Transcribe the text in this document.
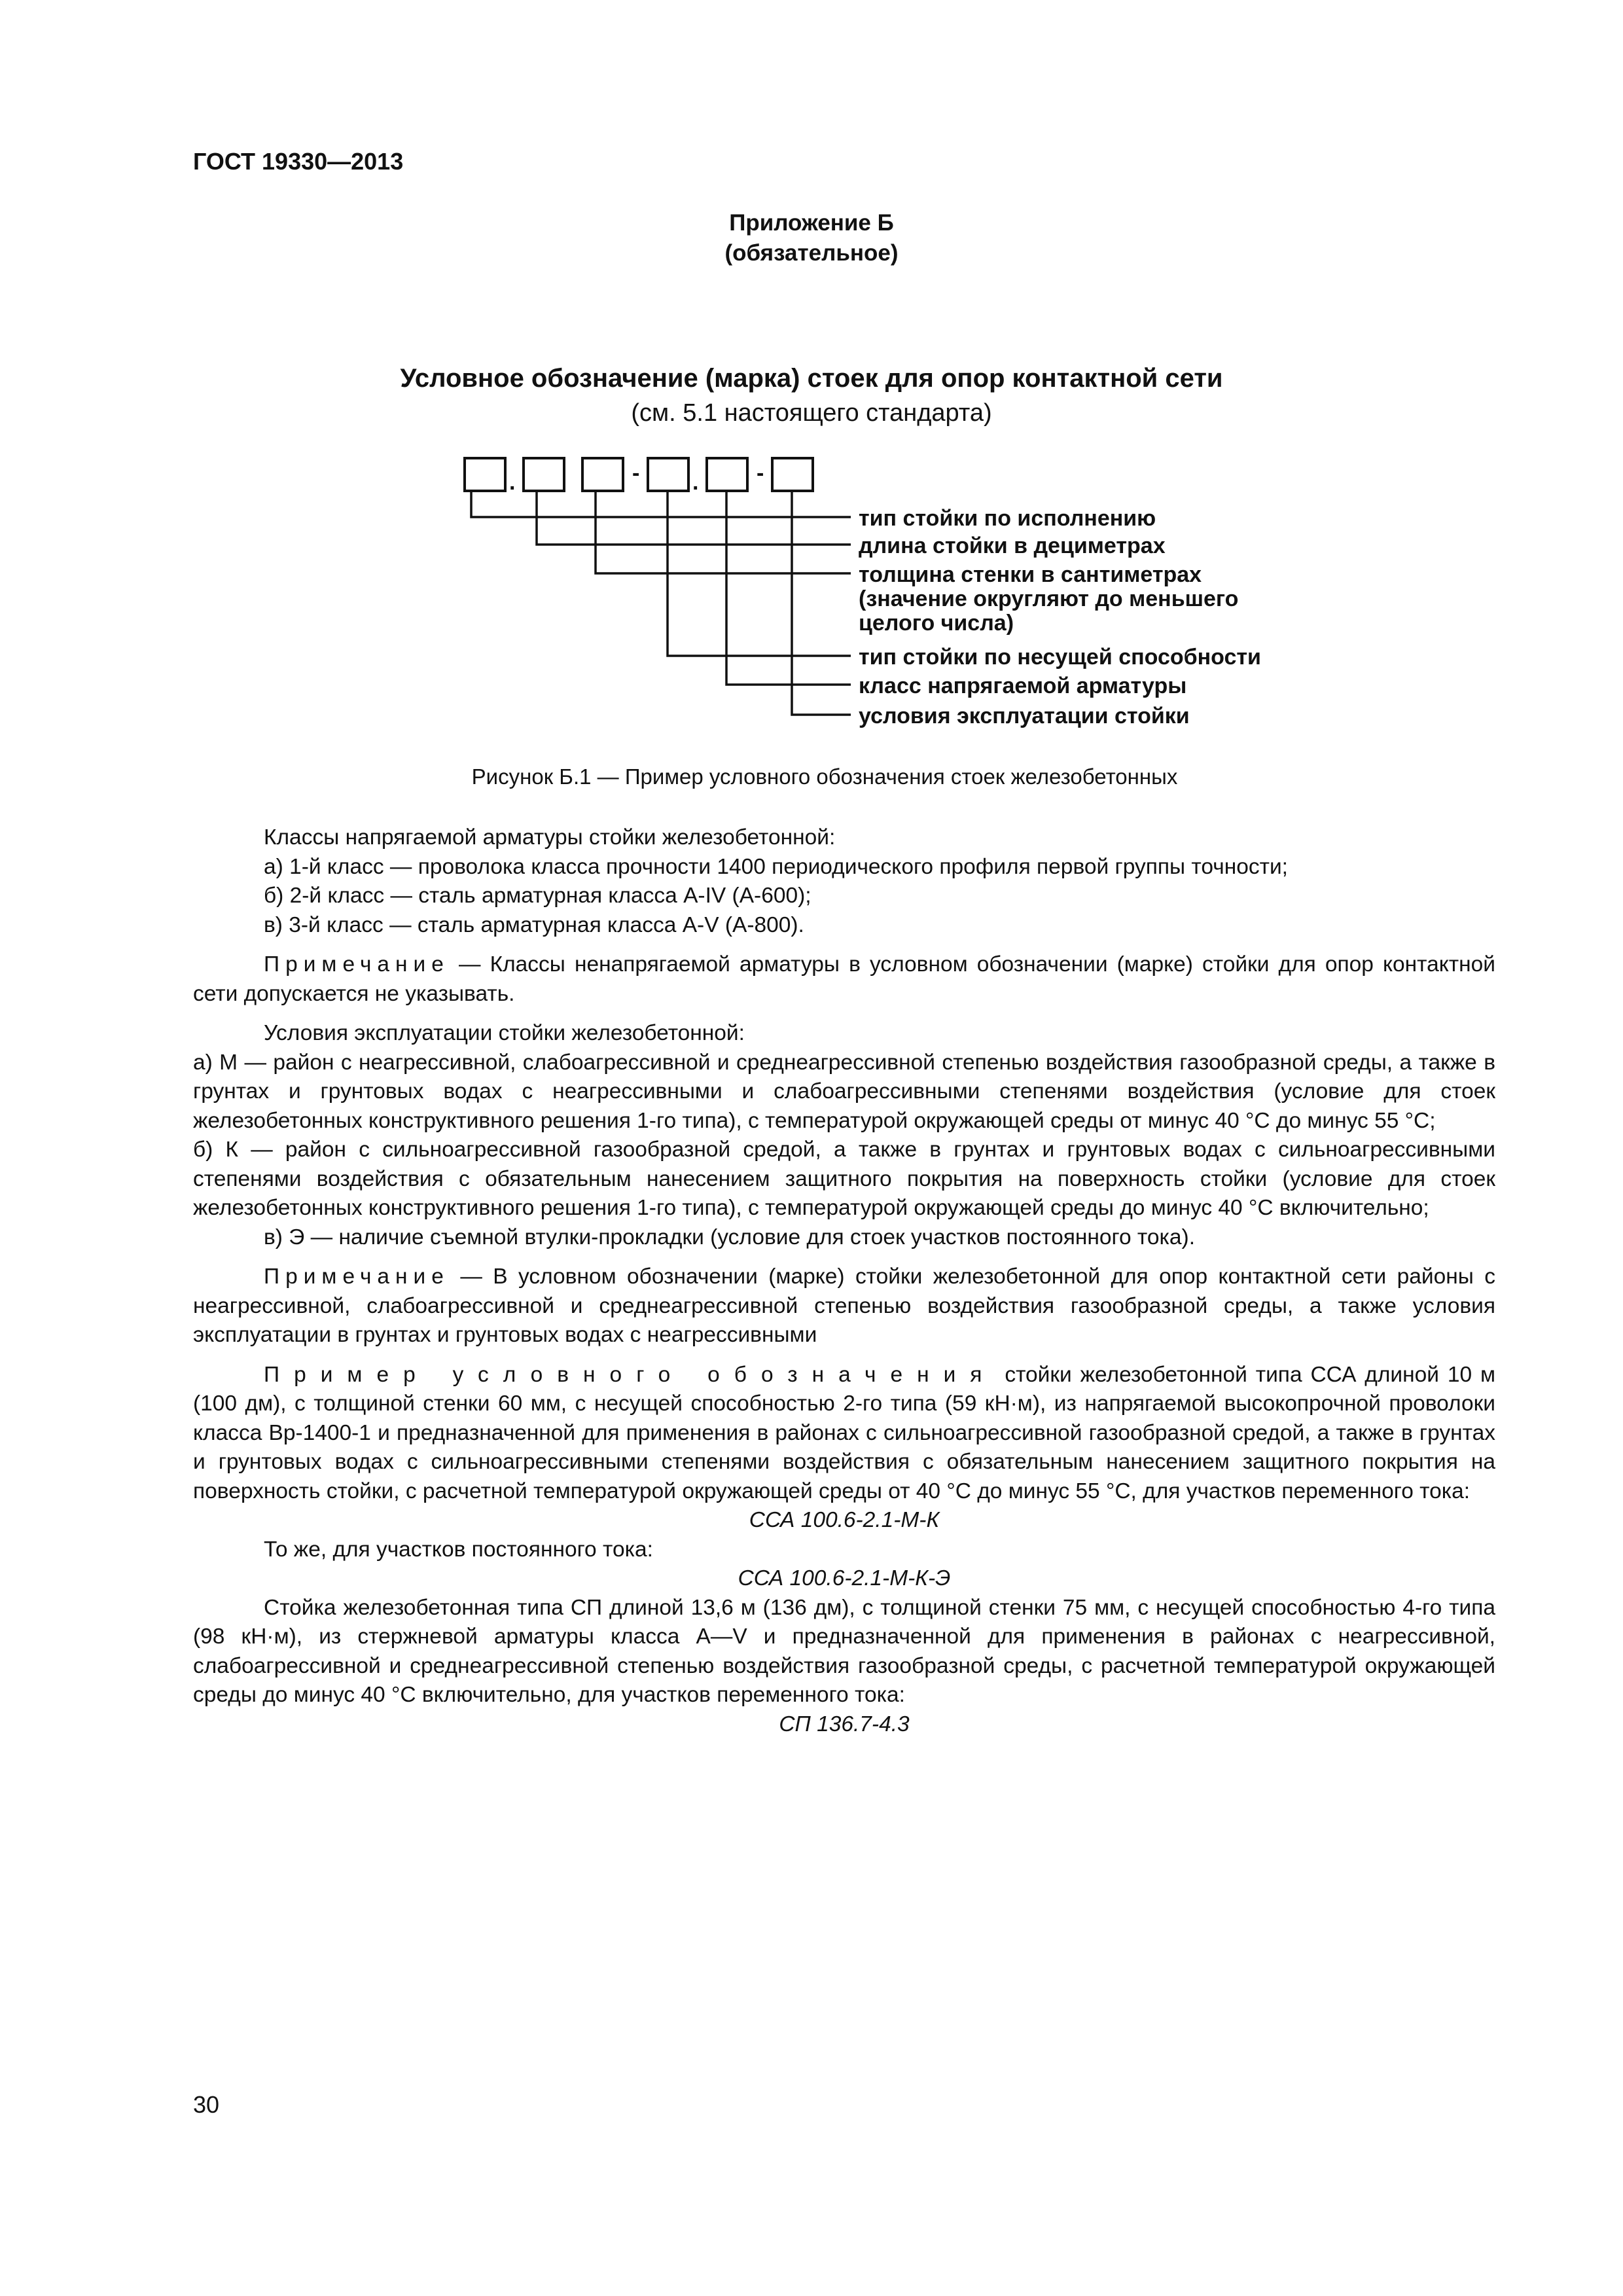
ГОСТ 19330—2013
Приложение Б
(обязательное)
Условное обозначение (марка) стоек для опор контактной сети
(см. 5.1 настоящего стандарта)
.	- .	-
тип стойки по исполнению
длина стойки в дециметрах
толщина стенки в сантиметрах
(значение округляют до меньшего
целого числа)
тип стойки по несущей способности
класс напрягаемой арматуры
условия эксплуатации стойки
Рисунок Б.1 — Пример условного обозначения стоек железобетонных

Классы напрягаемой арматуры стойки железобетонной:

а) 1-й класс — проволока класса прочности 1400 периодического профиля первой группы точности;

б) 2-й класс — сталь арматурная класса A-IV (А-600);

в) 3-й класс — сталь арматурная класса A-V (А-800).

Примечание — Классы ненапрягаемой арматуры в условном обозначении (марке) стойки для опор контактной сети допускается не указывать.

Условия эксплуатации стойки железобетонной:

а) М — район с неагрессивной, слабоагрессивной и среднеагрессивной степенью воздействия газообразной среды, а также в грунтах и грунтовых водах с неагрессивными и слабоагрессивными степенями воздействия (условие для стоек железобетонных конструктивного решения 1-го типа), с температурой окружающей среды от минус 40 °С до минус 55 °С;

б) К — район с сильноагрессивной газообразной средой, а также в грунтах и грунтовых водах с сильноагрессивными степенями воздействия с обязательным нанесением защитного покрытия на поверхность стойки (условие для стоек железобетонных конструктивного решения 1-го типа), с температурой окружающей среды до минус 40 °С включительно;

в) Э — наличие съемной втулки-прокладки (условие для стоек участков постоянного тока).

Примечание — В условном обозначении (марке) стойки железобетонной для опор контактной сети районы с неагрессивной, слабоагрессивной и среднеагрессивной степенью воздействия газообразной среды, а также условия эксплуатации в грунтах и грунтовых водах с неагрессивными

Пример условного обозначения стойки железобетонной типа ССА длиной 10 м (100 дм), с толщиной стенки 60 мм, с несущей способностью 2-го типа (59 кН·м), из напрягаемой высокопрочной проволоки класса Вр-1400-1 и предназначенной для применения в районах с сильноагрессивной газообразной средой, а также в грунтах и грунтовых водах с сильноагрессивными степенями воздействия с обязательным нанесением защитного покрытия на поверхность стойки, с расчетной температурой окружающей среды от 40 °С до минус 55 °С, для участков переменного тока:

ССА 100.6-2.1-М-К

То же, для участков постоянного тока:

ССА 100.6-2.1-М-К-Э

Стойка железобетонная типа СП длиной 13,6 м (136 дм), с толщиной стенки 75 мм, с несущей способностью 4-го типа (98 кН·м), из стержневой арматуры класса А—V и предназначенной для применения в районах с неагрессивной, слабоагрессивной и среднеагрессивной степенью воздействия газообразной среды, с расчетной температурой окружающей среды до минус 40 °С включительно, для участков переменного тока:

СП 136.7-4.3

30
